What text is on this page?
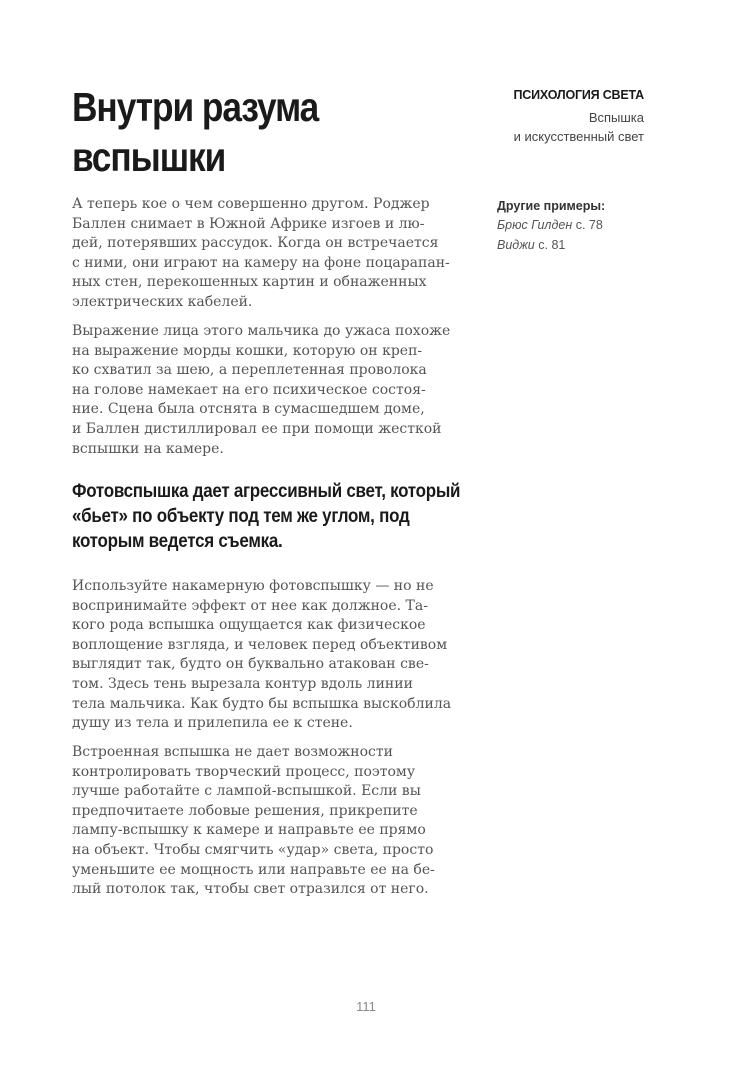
Внутри разума
вспышки
ПСИХОЛОГИЯ СВЕТА
Вспышка
и искусственный свет
Другие примеры:
Брюс Гилден с. 78
Виджи с. 81

А теперь кое о чем совершенно другом. Роджер
Баллен снимает в Южной Африке изгоев и лю-
дей, потерявших рассудок. Когда он встречается
с ними, они играют на камеру на фоне поцарапан-
ных стен, перекошенных картин и обнаженных
электрических кабелей.

Выражение лица этого мальчика до ужаса похоже
на выражение морды кошки, которую он креп-
ко схватил за шею, а переплетенная проволока
на голове намекает на его психическое состоя-
ние. Сцена была отснята в сумасшедшем доме,
и Баллен дистиллировал ее при помощи жесткой
вспышки на камере.

Фотовспышка дает агрессивный свет, который
«бьет» по объекту под тем же углом, под
которым ведется съемка.

Используйте накамерную фотовспышку — но не
воспринимайте эффект от нее как должное. Та-
кого рода вспышка ощущается как физическое
воплощение взгляда, и человек перед объективом
выглядит так, будто он буквально атакован све-
том. Здесь тень вырезала контур вдоль линии
тела мальчика. Как будто бы вспышка выскоблила
душу из тела и прилепила ее к стене.

Встроенная вспышка не дает возможности
контролировать творческий процесс, поэтому
лучше работайте с лампой-вспышкой. Если вы
предпочитаете лобовые решения, прикрепите
лампу-вспышку к камере и направьте ее прямо
на объект. Чтобы смягчить «удар» света, просто
уменьшите ее мощность или направьте ее на бе-
лый потолок так, чтобы свет отразился от него.

111
